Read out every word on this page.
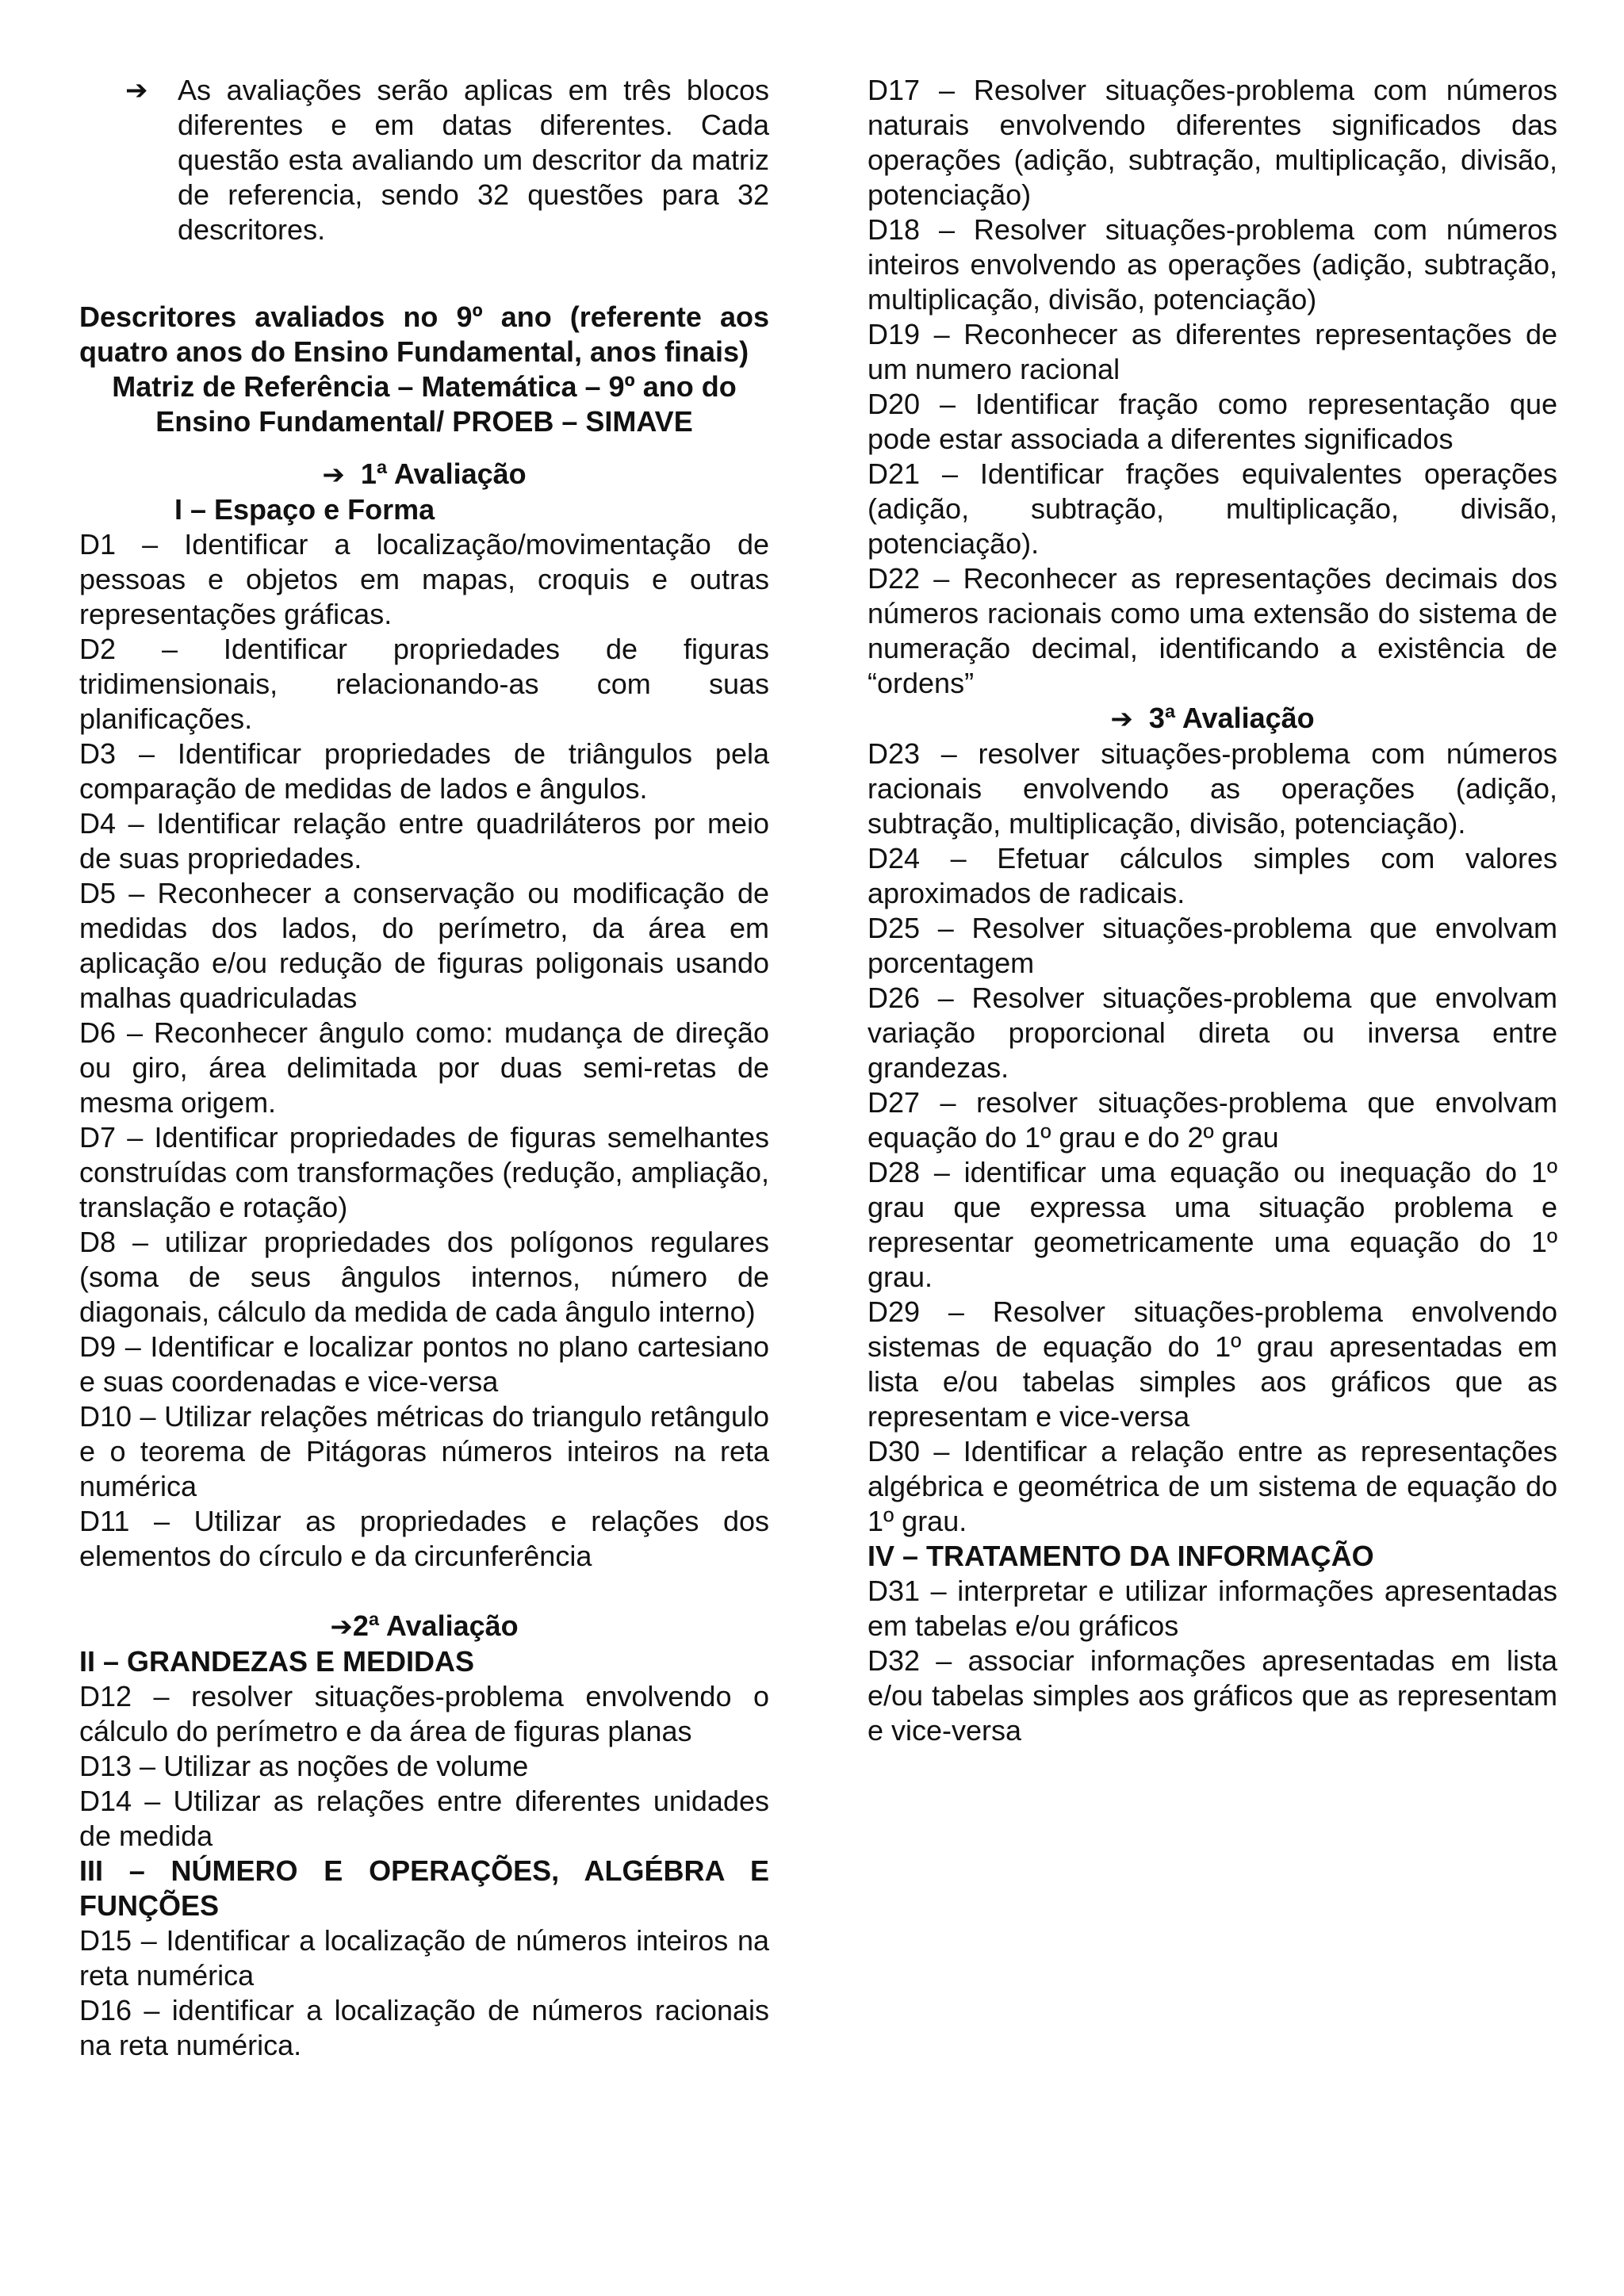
➔ As avaliações serão aplicas em três blocos diferentes e em datas diferentes. Cada questão esta avaliando um descritor da matriz de referencia, sendo 32 questões para 32 descritores.

Descritores avaliados no 9º ano (referente aos quatro anos do Ensino Fundamental, anos finais)

Matriz de Referência – Matemática – 9º ano do

Ensino Fundamental/ PROEB – SIMAVE

➔ 1ª Avaliação

I – Espaço e Forma

D1 – Identificar a localização/movimentação de pessoas e objetos em mapas, croquis e outras representações gráficas.

D2 – Identificar propriedades de figuras tridimensionais, relacionando-as com suas planificações.

D3 – Identificar propriedades de triângulos pela comparação de medidas de lados e ângulos.

D4 – Identificar relação entre quadriláteros por meio de suas propriedades.

D5 – Reconhecer a conservação ou modificação de medidas dos lados, do perímetro, da área em aplicação e/ou redução de figuras poligonais usando malhas quadriculadas

D6 – Reconhecer ângulo como: mudança de direção ou giro, área delimitada por duas semi-retas de mesma origem.

D7 – Identificar propriedades de figuras semelhantes construídas com transformações (redução, ampliação, translação e rotação)

D8 – utilizar propriedades dos polígonos regulares (soma de seus ângulos internos, número de diagonais, cálculo da medida de cada ângulo interno)

D9 – Identificar e localizar pontos no plano cartesiano e suas coordenadas e vice-versa

D10 – Utilizar relações métricas do triangulo retângulo e o teorema de Pitágoras números inteiros na reta numérica

D11 – Utilizar as propriedades e relações dos elementos do círculo e da circunferência

➔2ª Avaliação

II – GRANDEZAS E MEDIDAS

D12 – resolver situações-problema envolvendo o cálculo do perímetro e da área de figuras planas

D13 – Utilizar as noções de volume

D14 – Utilizar as relações entre diferentes unidades de medida

III – NÚMERO E OPERAÇÕES, ALGÉBRA E FUNÇÕES

D15 – Identificar a localização de números inteiros na reta numérica

D16 – identificar a localização de números racionais na reta numérica.

D17 – Resolver situações-problema com números naturais envolvendo diferentes significados das operações (adição, subtração, multiplicação, divisão, potenciação)

D18 – Resolver situações-problema com números inteiros envolvendo as operações (adição, subtração, multiplicação, divisão, potenciação)

D19 – Reconhecer as diferentes representações de um numero racional

D20 – Identificar fração como representação que pode estar associada a diferentes significados

D21 – Identificar frações equivalentes operações (adição, subtração, multiplicação, divisão, potenciação).

D22 – Reconhecer as representações decimais dos números racionais como uma extensão do sistema de numeração decimal, identificando a existência de “ordens”

➔ 3ª Avaliação

D23 – resolver situações-problema com números racionais envolvendo as operações (adição, subtração, multiplicação, divisão, potenciação).

D24 – Efetuar cálculos simples com valores aproximados de radicais.

D25 – Resolver situações-problema que envolvam porcentagem

D26 – Resolver situações-problema que envolvam variação proporcional direta ou inversa entre grandezas.

D27 – resolver situações-problema que envolvam equação do 1º grau e do 2º grau

D28 – identificar uma equação ou inequação do 1º grau que expressa uma situação problema e representar geometricamente uma equação do 1º grau.

D29 – Resolver situações-problema envolvendo sistemas de equação do 1º grau apresentadas em lista e/ou tabelas simples aos gráficos que as representam e vice-versa

D30 – Identificar a relação entre as representações algébrica e geométrica de um sistema de equação do 1º grau.

IV – TRATAMENTO DA INFORMAÇÃO

D31 – interpretar e utilizar informações apresentadas em tabelas e/ou gráficos

D32 – associar informações apresentadas em lista e/ou tabelas simples aos gráficos que as representam e vice-versa
